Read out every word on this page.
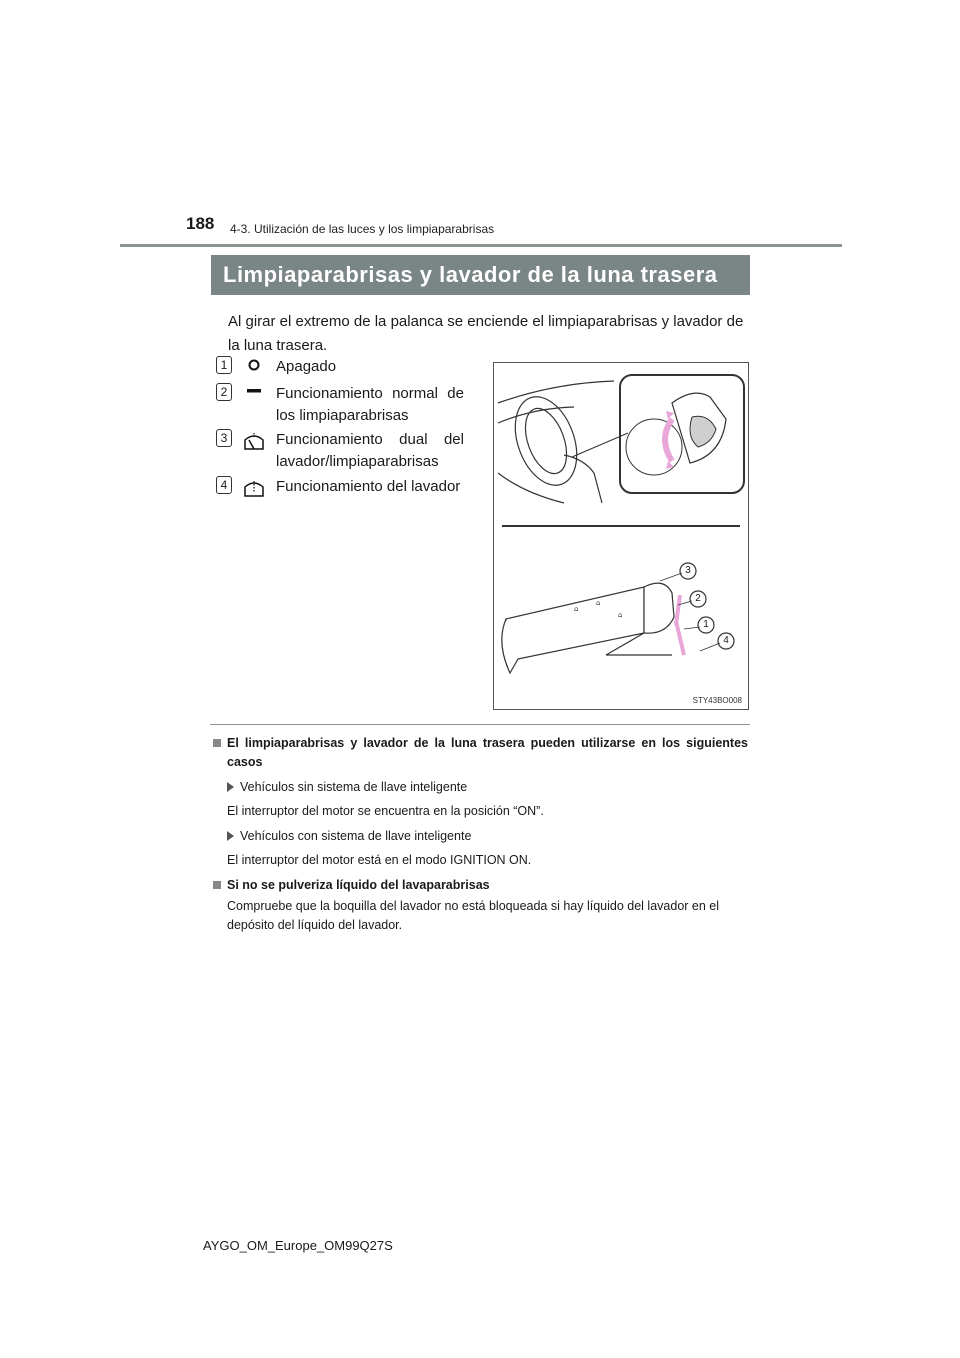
188 4-3. Utilización de las luces y los limpiaparabrisas
Limpiaparabrisas y lavador de la luna trasera
Al girar el extremo de la palanca se enciende el limpiaparabrisas y lavador de la luna trasera.
1	Apagado
2	Funcionamiento normal de
los limpiaparabrisas
3	Funcionamiento dual del
lavador/limpiaparabrisas
4	Funcionamiento del lavador
⌂
⌂
⌂
3
2
1
4
STY43BO008
El limpiaparabrisas y lavador de la luna trasera pueden utilizarse en los siguientes casos
Vehículos sin sistema de llave inteligente
El interruptor del motor se encuentra en la posición “ON”.
Vehículos con sistema de llave inteligente
El interruptor del motor está en el modo IGNITION ON.
Si no se pulveriza líquido del lavaparabrisas
Compruebe que la boquilla del lavador no está bloqueada si hay líquido del lavador en el depósito del líquido del lavador.
AYGO_OM_Europe_OM99Q27S
